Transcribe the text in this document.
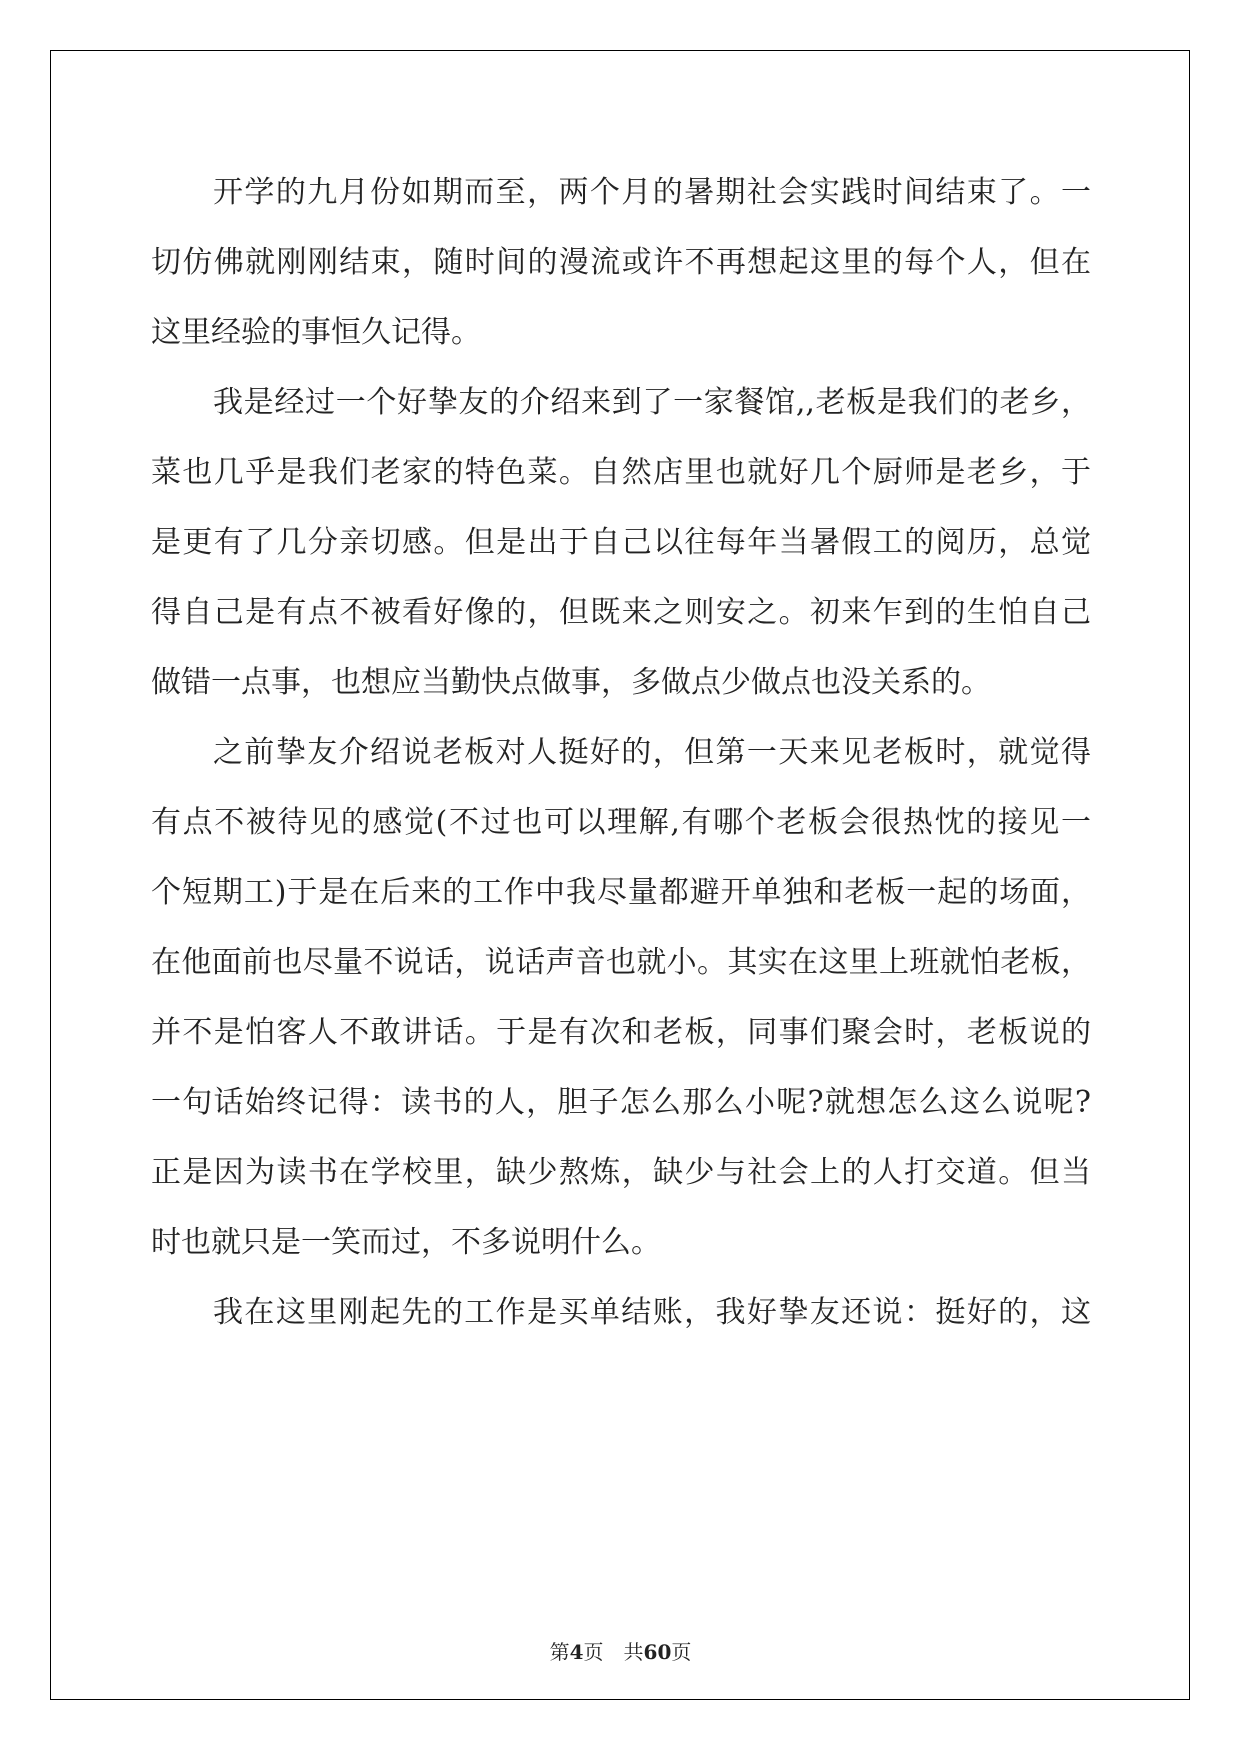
开学的九月份如期而至，两个月的暑期社会实践时间结束了。一
切仿佛就刚刚结束，随时间的漫流或许不再想起这里的每个人，但在
这里经验的事恒久记得。
我是经过一个好挚友的介绍来到了一家餐馆,,老板是我们的老乡，
菜也几乎是我们老家的特色菜。自然店里也就好几个厨师是老乡，于
是更有了几分亲切感。但是出于自己以往每年当暑假工的阅历，总觉
得自己是有点不被看好像的，但既来之则安之。初来乍到的生怕自己
做错一点事，也想应当勤快点做事，多做点少做点也没关系的。
之前挚友介绍说老板对人挺好的，但第一天来见老板时，就觉得
有点不被待见的感觉(不过也可以理解,有哪个老板会很热忱的接见一
个短期工)于是在后来的工作中我尽量都避开单独和老板一起的场面，
在他面前也尽量不说话，说话声音也就小。其实在这里上班就怕老板，
并不是怕客人不敢讲话。于是有次和老板，同事们聚会时，老板说的
一句话始终记得：读书的人，胆子怎么那么小呢?就想怎么这么说呢?
正是因为读书在学校里，缺少熬炼，缺少与社会上的人打交道。但当
时也就只是一笑而过，不多说明什么。
我在这里刚起先的工作是买单结账，我好挚友还说：挺好的，这
第4页　共60页
